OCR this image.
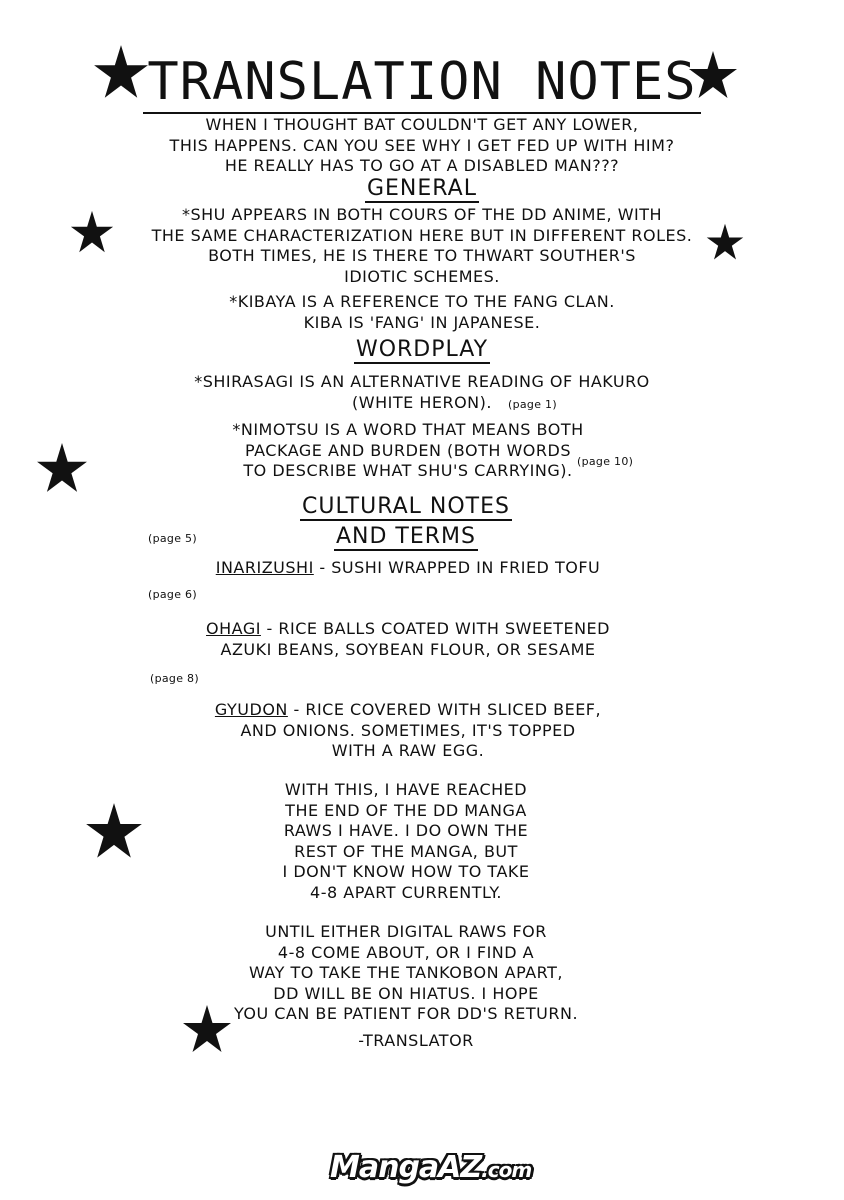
TRANSLATION NOTES
WHEN I THOUGHT BAT COULDN'T GET ANY LOWER,
THIS HAPPENS. CAN YOU SEE WHY I GET FED UP WITH HIM?
HE REALLY HAS TO GO AT A DISABLED MAN???
GENERAL
*SHU APPEARS IN BOTH COURS OF THE DD ANIME, WITH
THE SAME CHARACTERIZATION HERE BUT IN DIFFERENT ROLES.
BOTH TIMES, HE IS THERE TO THWART SOUTHER'S
IDIOTIC SCHEMES.
*KIBAYA IS A REFERENCE TO THE FANG CLAN.
KIBA IS 'FANG' IN JAPANESE.
WORDPLAY
*SHIRASAGI IS AN ALTERNATIVE READING OF HAKURO
(WHITE HERON).	(page 1)
*NIMOTSU IS A WORD THAT MEANS BOTH
PACKAGE AND BURDEN (BOTH WORDS
TO DESCRIBE WHAT SHU'S CARRYING). (page 10)
CULTURAL NOTES
AND TERMS
(page 5)
INARIZUSHI - SUSHI WRAPPED IN FRIED TOFU
(page 6)
OHAGI - RICE BALLS COATED WITH SWEETENED
AZUKI BEANS, SOYBEAN FLOUR, OR SESAME
(page 8)
GYUDON - RICE COVERED WITH SLICED BEEF,
AND ONIONS. SOMETIMES, IT'S TOPPED
WITH A RAW EGG.
WITH THIS, I HAVE REACHED
THE END OF THE DD MANGA
RAWS I HAVE. I DO OWN THE
REST OF THE MANGA, BUT
I DON'T KNOW HOW TO TAKE
4-8 APART CURRENTLY.
UNTIL EITHER DIGITAL RAWS FOR
4-8 COME ABOUT, OR I FIND A
WAY TO TAKE THE TANKOBON APART,
DD WILL BE ON HIATUS. I HOPE
YOU CAN BE PATIENT FOR DD'S RETURN.
-TRANSLATOR
MangaAZ.com
